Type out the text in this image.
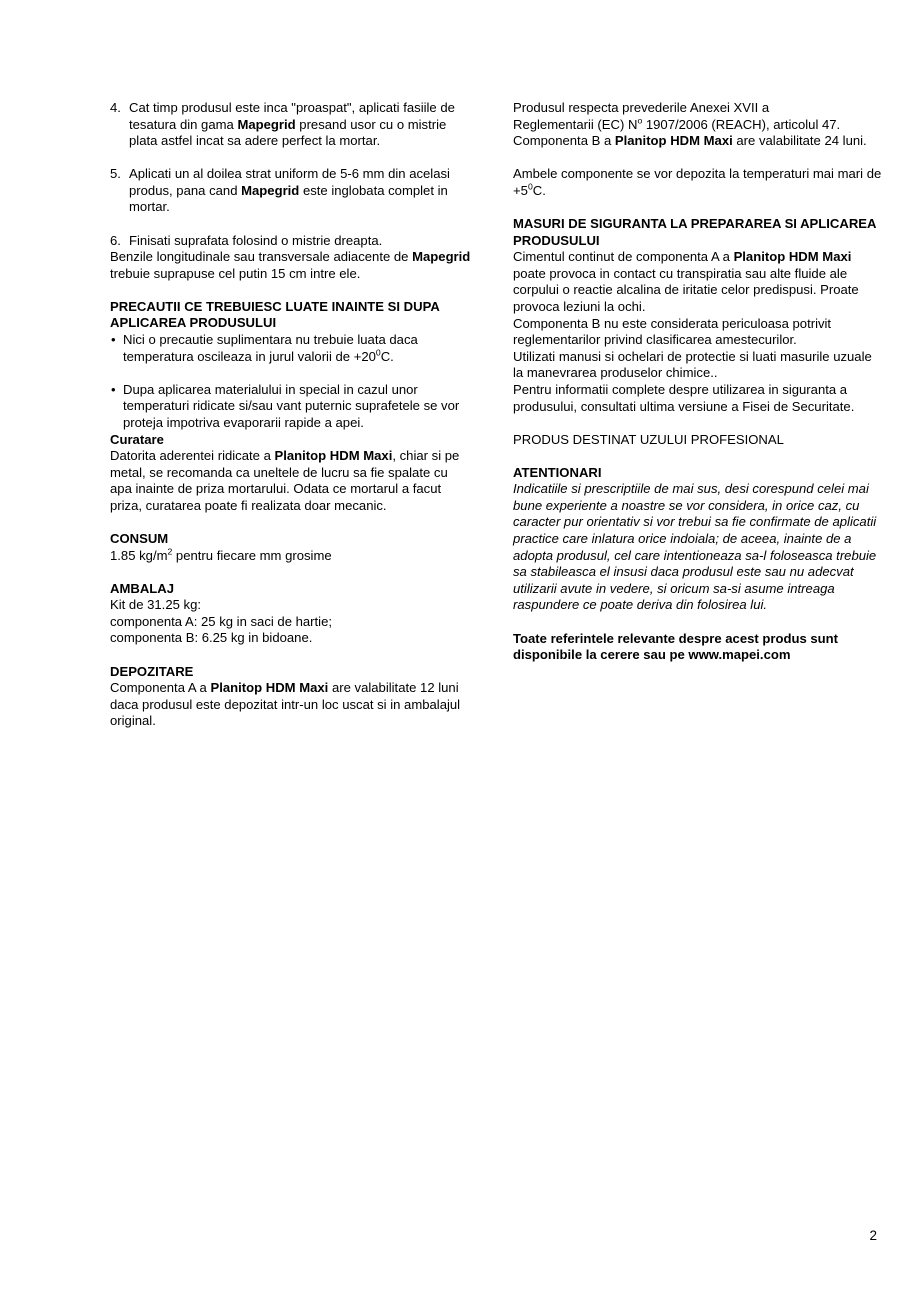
4. Cat timp produsul este inca "proaspat", aplicati fasiile de tesatura din gama Mapegrid presand usor cu o mistrie plata astfel incat sa adere perfect la mortar.
5. Aplicati un al doilea strat uniform de 5-6 mm din acelasi produs, pana cand Mapegrid este inglobata complet in mortar.
6. Finisati suprafata folosind o mistrie dreapta.

Benzile longitudinale sau transversale adiacente de Mapegrid trebuie suprapuse cel putin 15 cm intre ele.

PRECAUTII CE TREBUIESC LUATE INAINTE SI DUPA APLICAREA PRODUSULUI
• Nici o precautie suplimentara nu trebuie luata daca temperatura oscileaza in jurul valorii de $+20^0C$.
• Dupa aplicarea materialului in special in cazul unor temperaturi ridicate si/sau vant puternic suprafetele se vor proteja impotriva evaporarii rapide a apei.
Curatare

Datorita aderentei ridicate a Planitop HDM Maxi, chiar si pe metal, se recomanda ca uneltele de lucru sa fie spalate cu apa inainte de priza mortarului. Odata ce mortarul a facut priza, curatarea poate fi realizata doar mecanic.

CONSUM

1.85 $kg/m^2$ pentru fiecare mm grosime

AMBALAJ

Kit de 31.25 kg:

componenta A: 25 kg in saci de hartie;

componenta B: 6.25 kg in bidoane.

DEPOZITARE

Componenta A a Planitop HDM Maxi are valabilitate 12 luni daca produsul este depozitat intr-un loc uscat si in ambalajul original.

Produsul respecta prevederile Anexei XVII a

Reglementarii (EC) $N^o$ 1907/2006 (REACH), articolul 47.

Componenta B a Planitop HDM Maxi are valabilitate 24 luni.

Ambele componente se vor depozita la temperaturi mai mari de $+5^0C$.

MASURI DE SIGURANTA LA PREPARAREA SI APLICAREA PRODUSULUI

Cimentul continut de componenta A a Planitop HDM Maxi poate provoca in contact cu transpiratia sau alte fluide ale corpului o reactie alcalina de iritatie celor predispusi. Proate provoca leziuni la ochi.

Componenta B nu este considerata periculoasa potrivit reglementarilor privind clasificarea amestecurilor.

Utilizati manusi si ochelari de protectie si luati masurile uzuale la manevrarea produselor chimice..

Pentru informatii complete despre utilizarea in siguranta a produsului, consultati ultima versiune a Fisei de Securitate.

PRODUS DESTINAT UZULUI PROFESIONAL

ATENTIONARI

Indicatiile si prescriptiile de mai sus, desi corespund celei mai bune experiente a noastre se vor considera, in orice caz, cu caracter pur orientativ si vor trebui sa fie confirmate de aplicatii practice care inlatura orice indoiala; de aceea, inainte de a adopta produsul, cel care intentioneaza sa-l foloseasca trebuie sa stabileasca el insusi daca produsul este sau nu adecvat utilizarii avute in vedere, si oricum sa-si asume intreaga raspundere ce poate deriva din folosirea lui.

Toate referintele relevante despre acest produs sunt disponibile la cerere sau pe www.mapei.com

2
